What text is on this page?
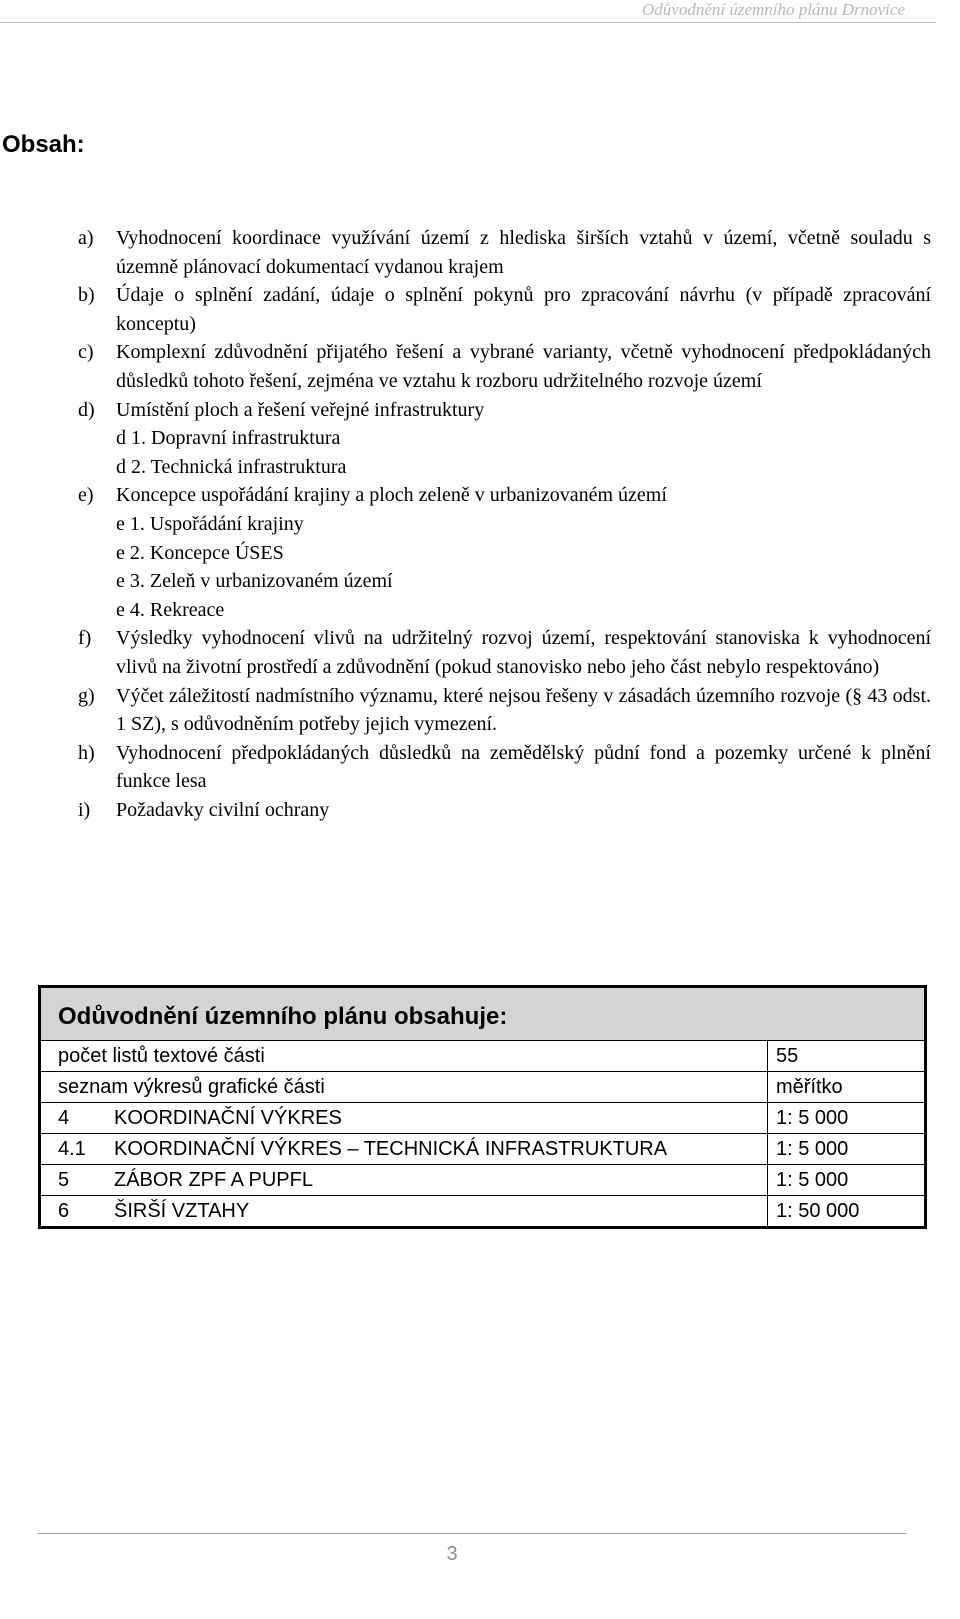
Odůvodnění územního plánu Drnovice
Obsah:
a) Vyhodnocení koordinace využívání území z hlediska širších vztahů v území, včetně souladu s územně plánovací dokumentací vydanou krajem
b) Údaje o splnění zadání, údaje o splnění pokynů pro zpracování návrhu (v případě zpracování konceptu)
c) Komplexní zdůvodnění přijatého řešení a vybrané varianty, včetně vyhodnocení předpokládaných důsledků tohoto řešení, zejména ve vztahu k rozboru udržitelného rozvoje území
d) Umístění ploch a řešení veřejné infrastruktury
d 1. Dopravní infrastruktura
d 2. Technická infrastruktura
e) Koncepce uspořádání krajiny a ploch zeleně v urbanizovaném území
e 1. Uspořádání krajiny
e 2. Koncepce ÚSES
e 3. Zeleň v urbanizovaném území
e 4. Rekreace
f) Výsledky vyhodnocení vlivů na udržitelný rozvoj území, respektování stanoviska k vyhodnocení vlivů na životní prostředí a zdůvodnění (pokud stanovisko nebo jeho část nebylo respektováno)
g) Výčet záležitostí nadmístního významu, které nejsou řešeny v zásadách územního rozvoje (§ 43 odst. 1 SZ), s odůvodněním potřeby jejich vymezení.
h) Vyhodnocení předpokládaných důsledků na zemědělský půdní fond a pozemky určené k plnění funkce lesa
i) Požadavky civilní ochrany
Odůvodnění územního plánu obsahuje:	
počet listů textové části	55
seznam výkresů grafické části	měřítko
4 KOORDINAČNÍ VÝKRES	1: 5 000
4.1 KOORDINAČNÍ VÝKRES – TECHNICKÁ INFRASTRUKTURA	1: 5 000
5 ZÁBOR ZPF A PUPFL	1: 5 000
6 ŠIRŠÍ VZTAHY	1: 50 000
3
